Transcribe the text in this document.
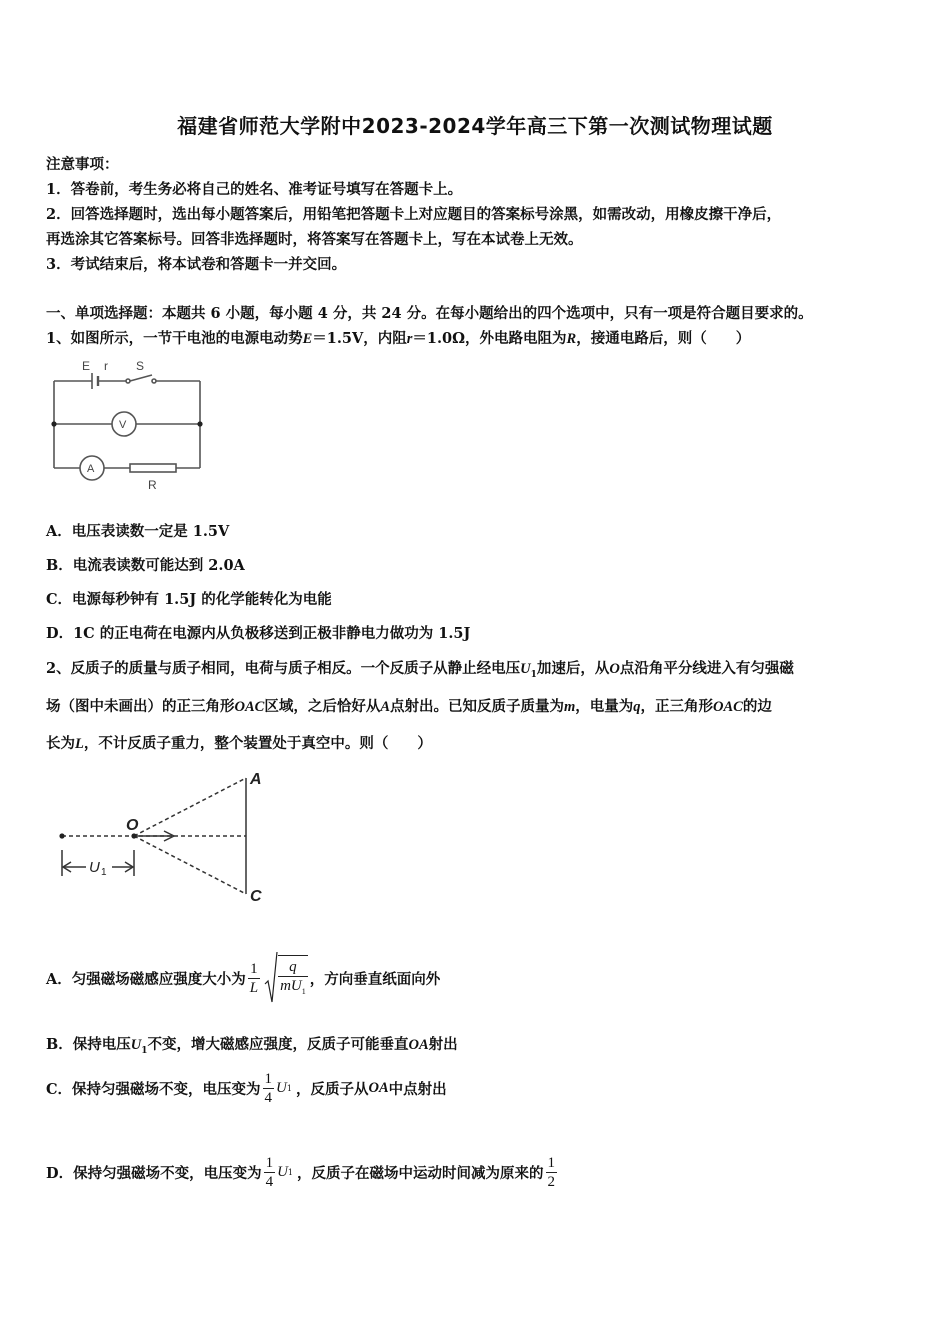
福建省师范大学附中2023-2024学年高三下第一次测试物理试题
注意事项：
1．答卷前，考生务必将自己的姓名、准考证号填写在答题卡上。
2．回答选择题时，选出每小题答案后，用铅笔把答题卡上对应题目的答案标号涂黑，如需改动，用橡皮擦干净后，
再选涂其它答案标号。回答非选择题时，将答案写在答题卡上，写在本试卷上无效。
3．考试结束后，将本试卷和答题卡一并交回。
一、单项选择题：本题共 6 小题，每小题 4 分，共 24 分。在每小题给出的四个选项中，只有一项是符合题目要求的。
1、如图所示，一节干电池的电源电动势E＝1.5V，内阻r＝1.0Ω，外电路电阻为R，接通电路后，则（　　）
E r S
V
A
R
A．电压表读数一定是 1.5V
B．电流表读数可能达到 2.0A
C．电源每秒钟有 1.5J 的化学能转化为电能
D．1C 的正电荷在电源内从负极移送到正极非静电力做功为 1.5J
2、反质子的质量与质子相同，电荷与质子相反。一个反质子从静止经电压$U_1$加速后，从O点沿角平分线进入有匀强磁
场（图中未画出）的正三角形OAC区域，之后恰好从A点射出。已知反质子质量为m，电量为q，正三角形OAC的边
长为L，不计反质子重力，整个装置处于真空中。则（　　）
O
A
C
U 1
A．匀强磁场磁感应强度大小为 $\frac{1}{L} \frac{q}{mU_1}$ ，方向垂直纸面向外
B．保持电压$U_1$不变，增大磁感应强度，反质子可能垂直OA射出
C．保持匀强磁场不变，电压变为 $\frac{1}{4}$ U 1 ，反质子从 OA 中点射出
D．保持匀强磁场不变，电压变为 $\frac{1}{4}$ U 1 ，反质子在磁场中运动时间减为原来的 $\frac{1}{2}$
